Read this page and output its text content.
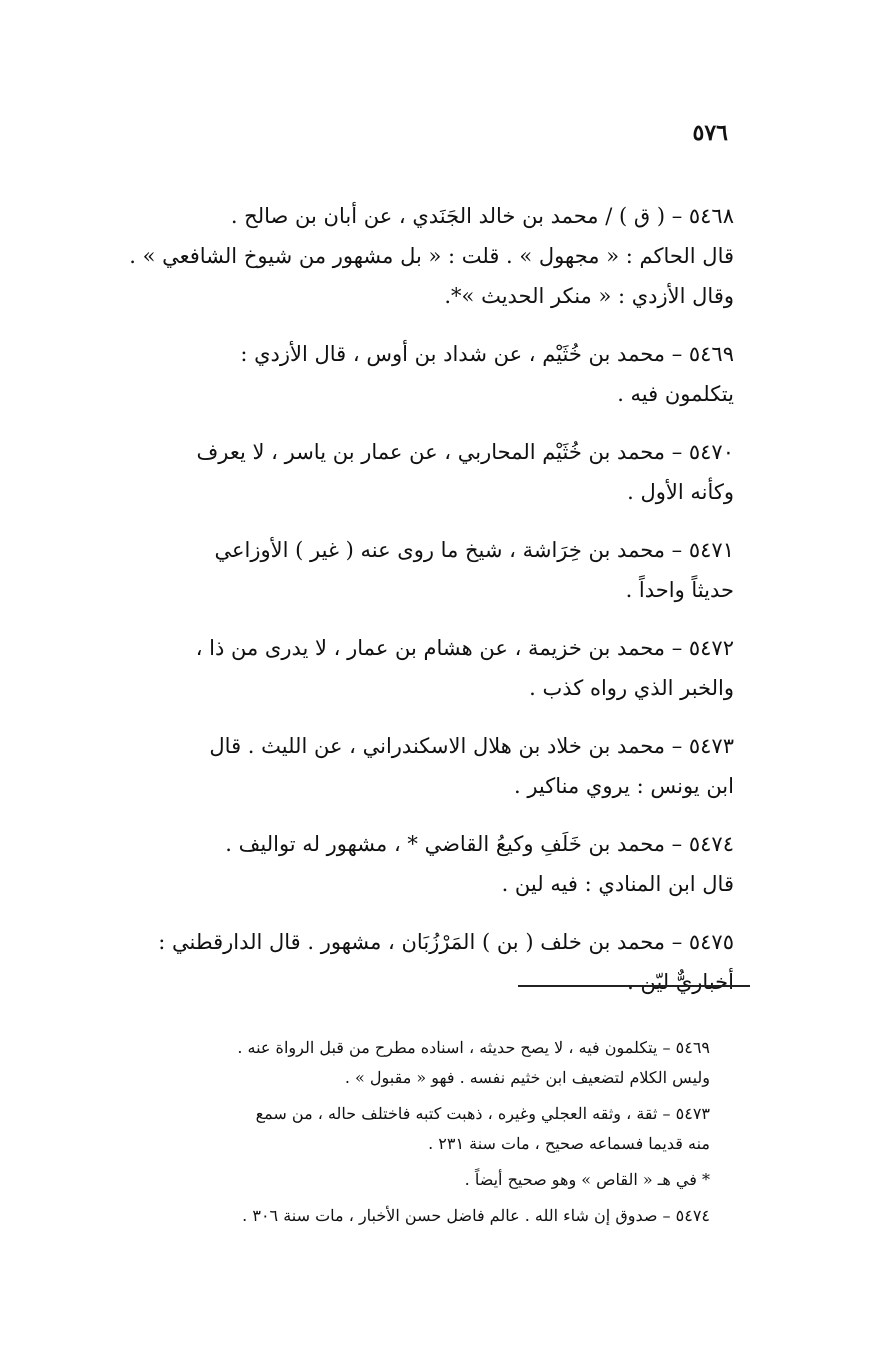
٥٧٦
٥٤٦٨ – ( ق ) / محمد بن خالد الجَنَدي ، عن أبان بن صالح .
قال الحاكم : « مجهول » . قلت : « بل مشهور من شيوخ الشافعي » .
وقال الأزدي : « منكر الحديث »*.
٥٤٦٩ – محمد بن خُثَيْم ، عن شداد بن أوس ، قال الأزدي :
يتكلمون فيه .
٥٤٧٠ – محمد بن خُثَيْم المحاربي ، عن عمار بن ياسر ، لا يعرف
وكأنه الأول .
٥٤٧١ – محمد بن خِرَاشة ، شيخ ما روى عنه ( غير ) الأوزاعي
حديثاً واحداً .
٥٤٧٢ – محمد بن خزيمة ، عن هشام بن عمار ، لا يدرى من ذا ،
والخبر الذي رواه كذب .
٥٤٧٣ – محمد بن خلاد بن هلال الاسكندراني ، عن الليث . قال
ابن يونس : يروي مناكير .
٥٤٧٤ – محمد بن خَلَفِ وكيعُ القاضي * ، مشهور له تواليف .
قال ابن المنادي : فيه لين .
٥٤٧٥ – محمد بن خلف ( بن ) المَرْزُبَان ، مشهور . قال الدارقطني :
أخباريٌّ ليّن .
٥٤٦٩ – يتكلمون فيه ، لا يصح حديثه ، اسناده مطرح من قبل الرواة عنه .
وليس الكلام لتضعيف ابن خثيم نفسه . فهو « مقبول » .
٥٤٧٣ – ثقة ، وثقه العجلي وغيره ، ذهبت كتبه فاختلف حاله ، من سمع
منه قديما فسماعه صحيح ، مات سنة ٢٣١ .
* في هـ « القاص » وهو صحيح أيضاً .
٥٤٧٤ – صدوق إن شاء الله . عالم فاضل حسن الأخبار ، مات سنة ٣٠٦ .
